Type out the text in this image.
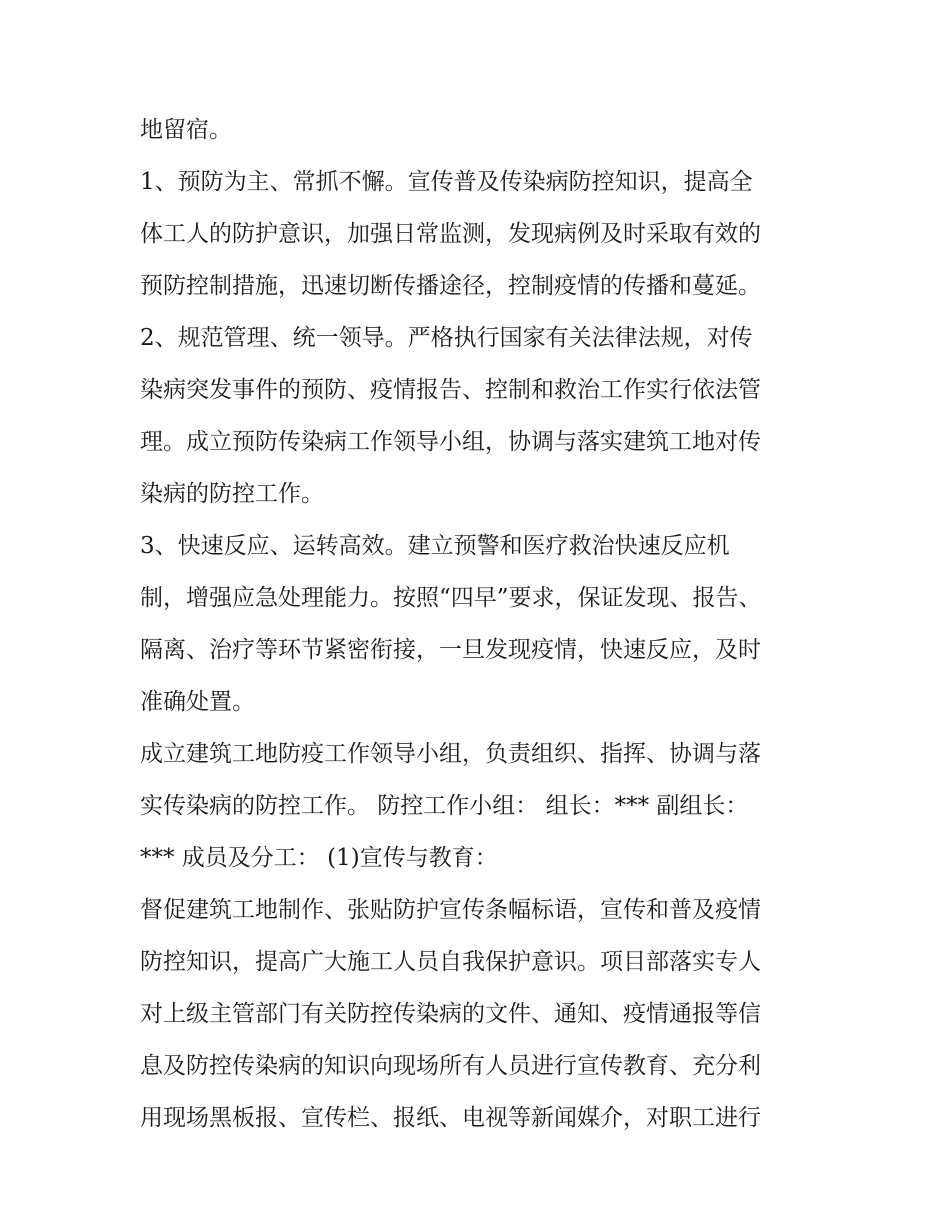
地留宿。
1、预防为主、常抓不懈。宣传普及传染病防控知识，提高全
体工人的防护意识，加强日常监测，发现病例及时采取有效的
预防控制措施，迅速切断传播途径，控制疫情的传播和蔓延。
2、规范管理、统一领导。严格执行国家有关法律法规，对传
染病突发事件的预防、疫情报告、控制和救治工作实行依法管
理。成立预防传染病工作领导小组，协调与落实建筑工地对传
染病的防控工作。
3、快速反应、运转高效。建立预警和医疗救治快速反应机
制，增强应急处理能力。按照“四早”要求，保证发现、报告、
隔离、治疗等环节紧密衔接，一旦发现疫情，快速反应，及时
准确处置。
成立建筑工地防疫工作领导小组，负责组织、指挥、协调与落
实传染病的防控工作。 防控工作小组： 组长：*** 副组长：
*** 成员及分工： (1)宣传与教育：
督促建筑工地制作、张贴防护宣传条幅标语，宣传和普及疫情
防控知识，提高广大施工人员自我保护意识。项目部落实专人
对上级主管部门有关防控传染病的文件、通知、疫情通报等信
息及防控传染病的知识向现场所有人员进行宣传教育、充分利
用现场黑板报、宣传栏、报纸、电视等新闻媒介，对职工进行
